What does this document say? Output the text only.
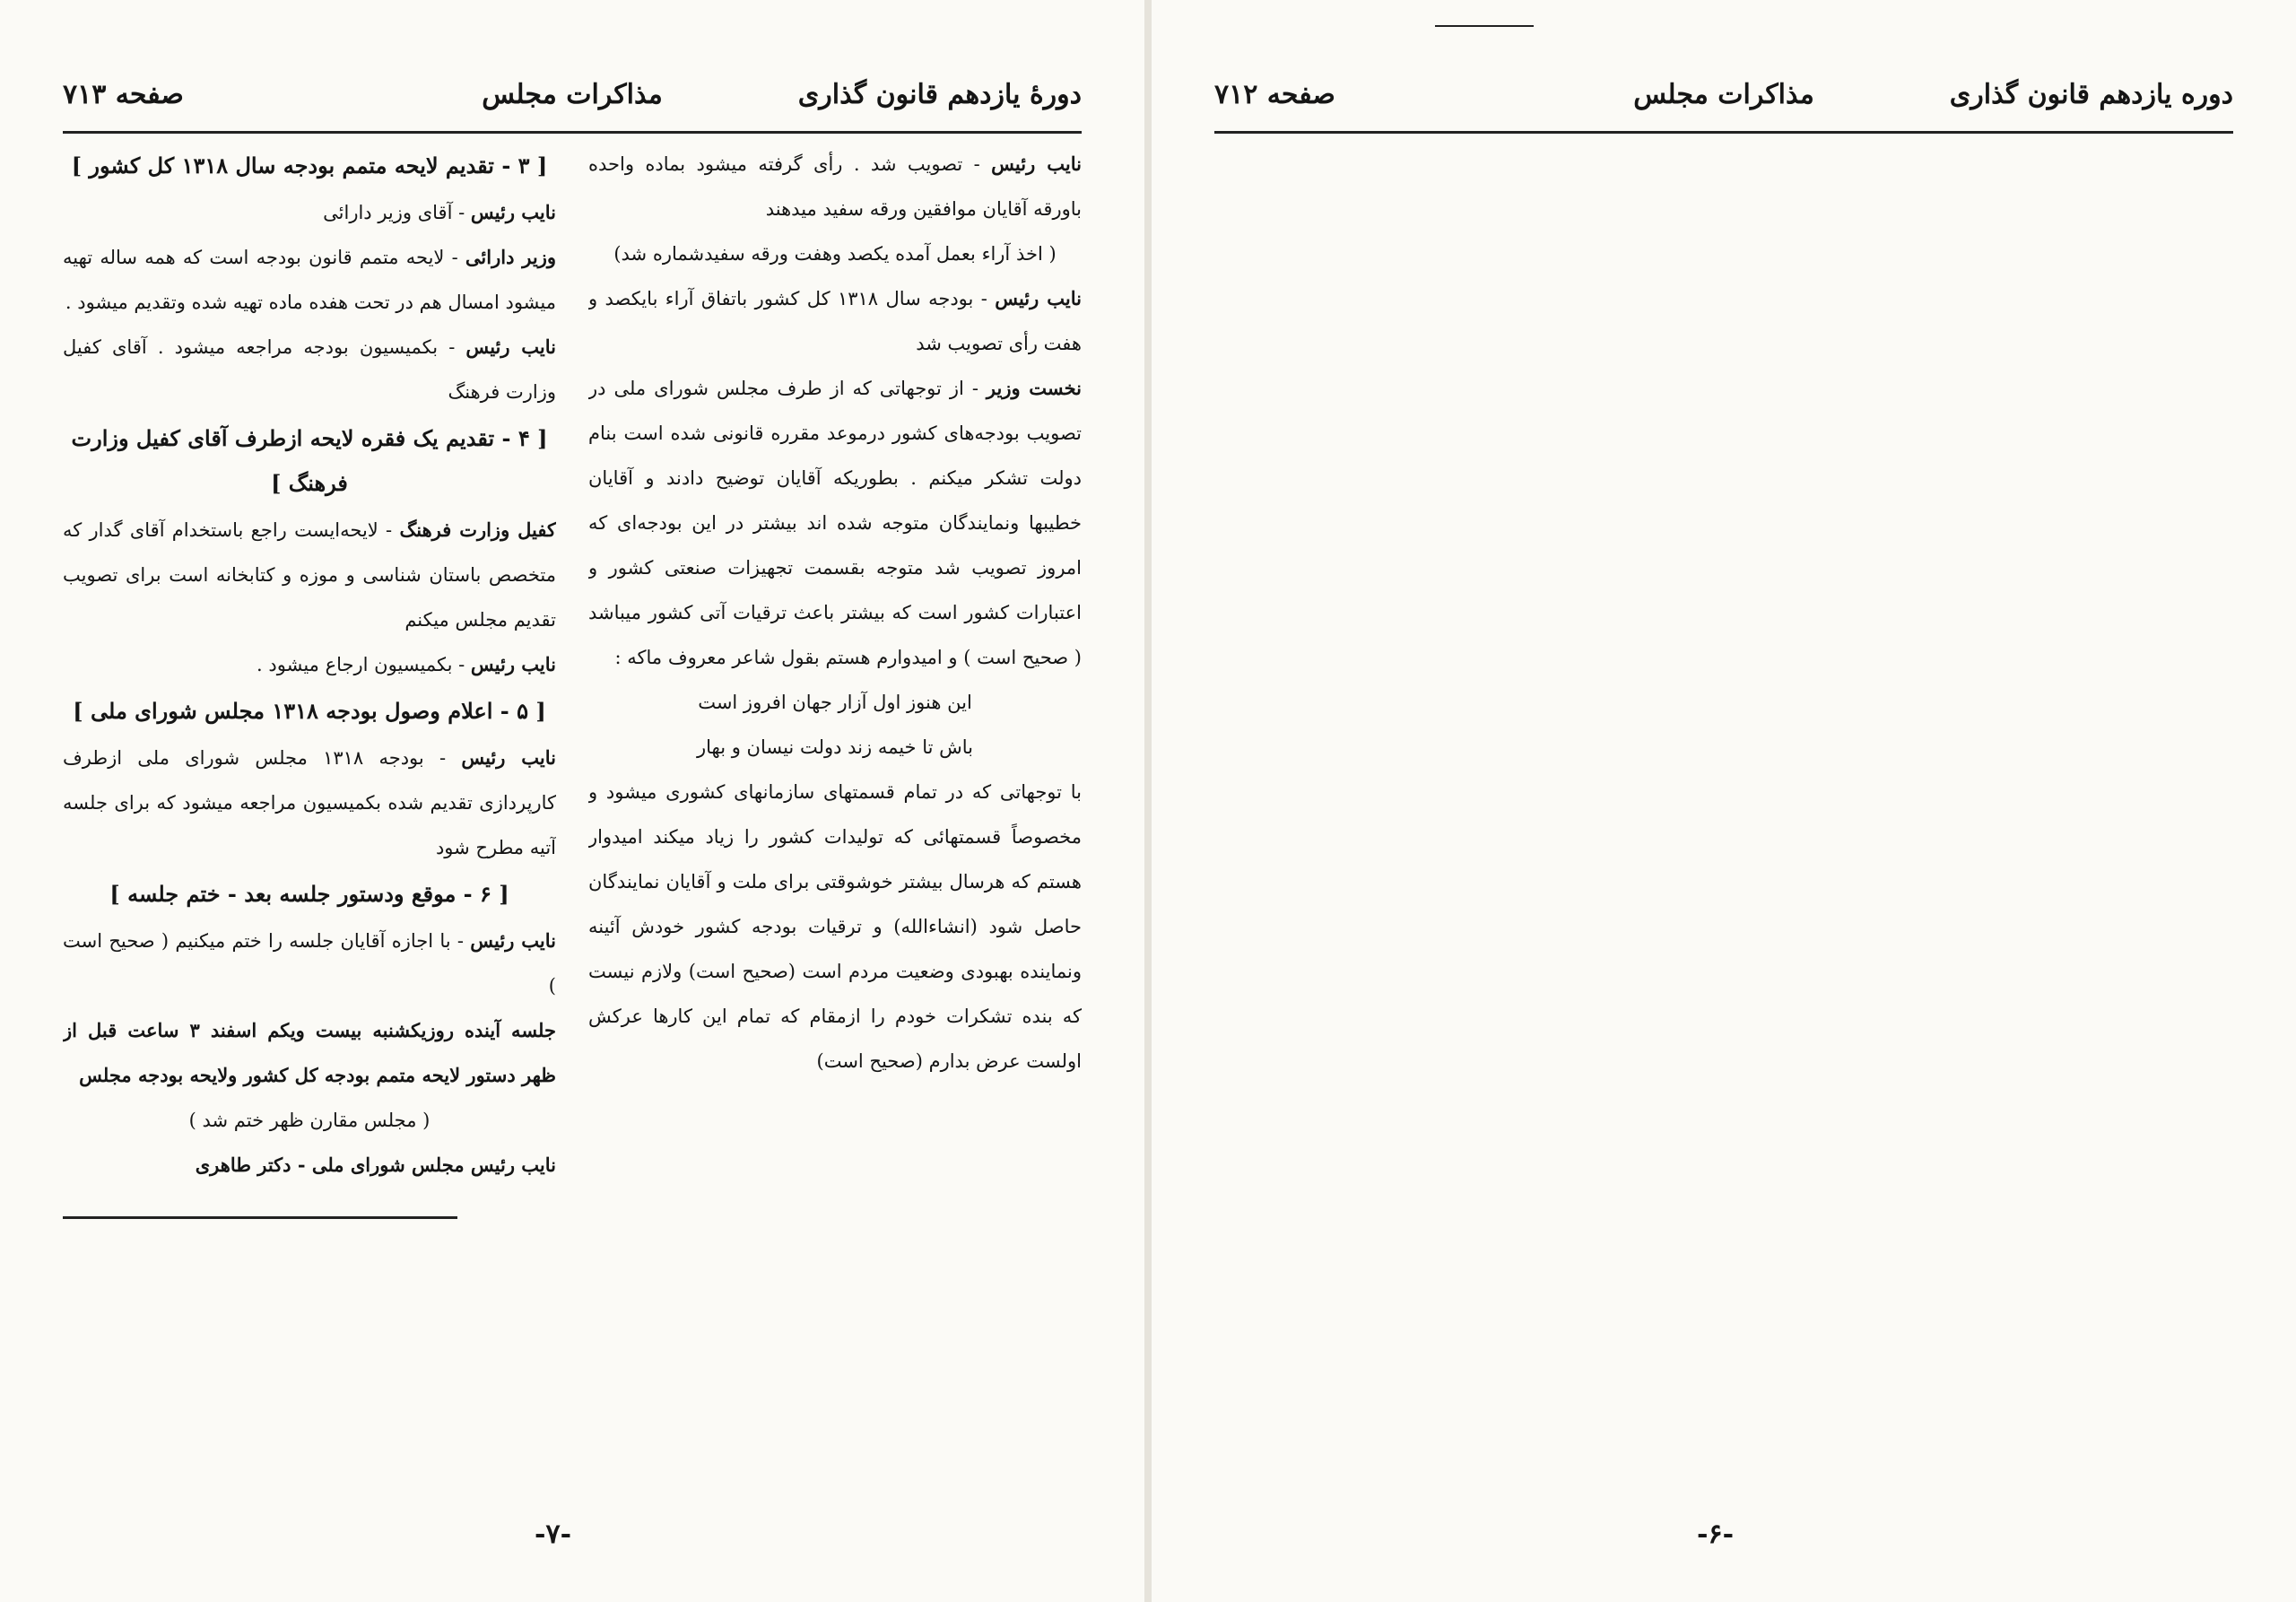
دورهٔ یازدهم قانون گذاری
مذاکرات مجلس
صفحه ۷۱۳

نایب رئیس - تصویب شد . رأی گرفته میشود بماده واحده باورقه آقایان موافقین ورقه سفید میدهند

( اخذ آراء بعمل آمده یکصد وهفت ورقه سفیدشماره شد)

نایب رئیس - بودجه سال ۱۳۱۸ کل کشور باتفاق آراء بایکصد و هفت رأی تصویب شد

نخست وزیر - از توجهاتی که از طرف مجلس شورای ملی در تصویب بودجه‌های کشور درموعد مقرره قانونی شده است بنام دولت تشکر میکنم . بطوریکه آقایان توضیح دادند و آقایان خطیبها ونمایندگان متوجه شده اند بیشتر در این بودجه‌ای که امروز تصویب شد متوجه بقسمت تجهیزات صنعتی کشور و اعتبارات کشور است که بیشتر باعث ترقیات آتی کشور میباشد ( صحیح است ) و امیدوارم هستم بقول شاعر معروف ماکه :

این هنوز اول آزار جهان افروز است

باش تا خیمه زند دولت نیسان و بهار

با توجهاتی که در تمام قسمتهای سازمانهای کشوری میشود و مخصوصاً قسمتهائی که تولیدات کشور را زیاد میکند امیدوار هستم که هرسال بیشتر خوشوقتی برای ملت و آقایان نمایندگان حاصل شود (انشاءالله) و ترقیات بودجه کشور خودش آئینه ونماینده بهبودی وضعیت مردم است (صحیح است) ولازم نیست که بنده تشکرات خودم را ازمقام که تمام این کارها عرکش اولست عرض بدارم (صحیح است)

[ ۳ - تقدیم لایحه متمم بودجه سال ۱۳۱۸ کل کشور ]

نایب رئیس - آقای وزیر دارائی

وزیر دارائی - لایحه متمم قانون بودجه است که همه ساله تهیه میشود امسال هم در تحت هفده ماده تهیه شده وتقدیم میشود .

نایب رئیس - بکمیسیون بودجه مراجعه میشود . آقای کفیل وزارت فرهنگ

[ ۴ - تقدیم یک فقره لایحه ازطرف آقای کفیل وزارت فرهنگ ]

کفیل وزارت فرهنگ - لایحه‌ایست راجع باستخدام آقای گدار که متخصص باستان شناسی و موزه و کتابخانه است برای تصویب تقدیم مجلس میکنم

نایب رئیس - بکمیسیون ارجاع میشود .

[ ۵ - اعلام وصول بودجه ۱۳۱۸ مجلس شورای ملی ]

نایب رئیس - بودجه ۱۳۱۸ مجلس شورای ملی ازطرف کارپردازی تقدیم شده بکمیسیون مراجعه میشود که برای جلسه آتیه مطرح شود

[ ۶ - موقع ودستور جلسه بعد - ختم جلسه ]

نایب رئیس - با اجازه آقایان جلسه را ختم میکنیم ( صحیح است )

جلسه آینده روزیکشنبه بیست ویکم اسفند ۳ ساعت قبل از ظهر دستور لایحه متمم بودجه کل کشور ولایحه بودجه مجلس

( مجلس مقارن ظهر ختم شد )

نایب رئیس مجلس شورای ملی - دکتر طاهری

-۷-
دوره یازدهم قانون گذاری
مذاکرات مجلس
صفحه ۷۱۲
-۶-
